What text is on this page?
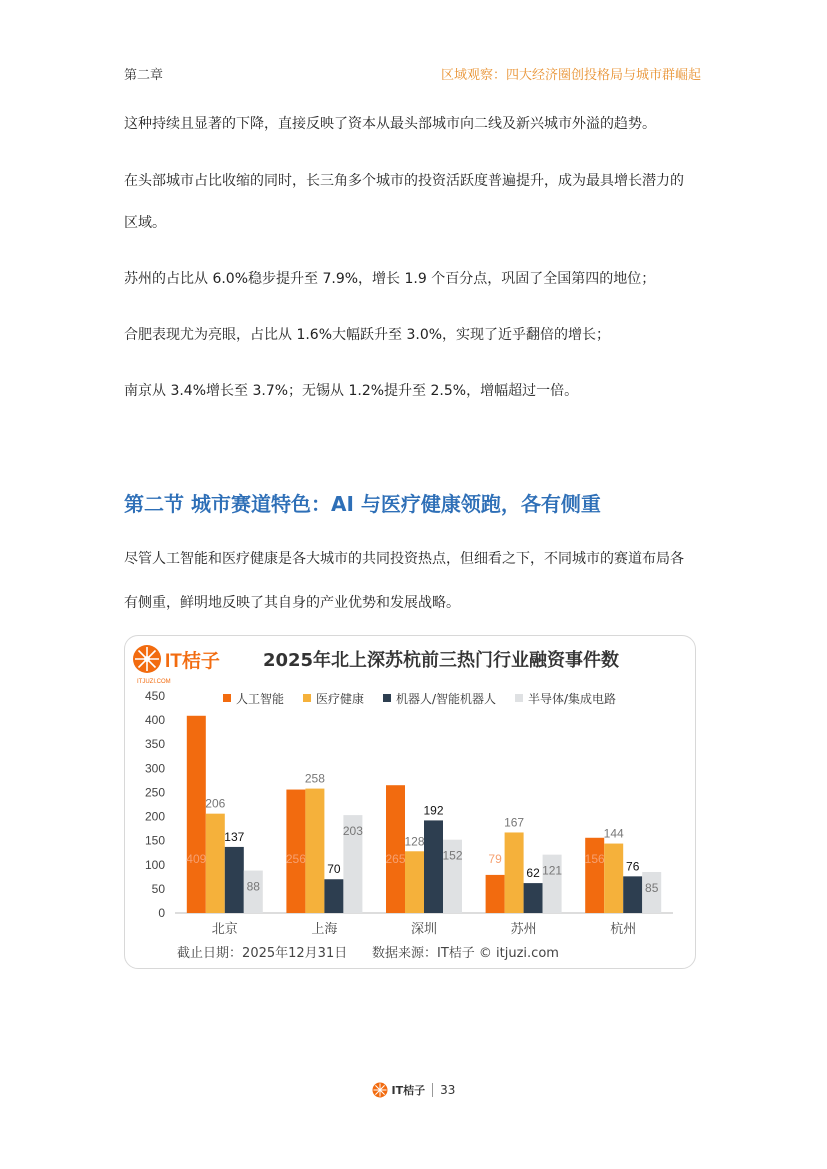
第二章	区域观察：四大经济圈创投格局与城市群崛起
这种持续且显著的下降，直接反映了资本从最头部城市向二线及新兴城市外溢的趋势。
在头部城市占比收缩的同时，长三角多个城市的投资活跃度普遍提升，成为最具增长潜力的
区域。
苏州的占比从 6.0%稳步提升至 7.9%，增长 1.9 个百分点，巩固了全国第四的地位；
合肥表现尤为亮眼，占比从 1.6%大幅跃升至 3.0%，实现了近乎翻倍的增长；
南京从 3.4%增长至 3.7%；无锡从 1.2%提升至 2.5%，增幅超过一倍。
第二节 城市赛道特色：AI 与医疗健康领跑，各有侧重
尽管人工智能和医疗健康是各大城市的共同投资热点，但细看之下，不同城市的赛道布局各
有侧重，鲜明地反映了其自身的产业优势和发展战略。
IT桔子
ITJUZI.COM
2025年北上深苏杭前三热门行业融资事件数
人工智能	医疗健康	机器人/智能机器人	半导体/集成电路
0
50
100
150
200
250
300
350
400
450
北京	上海	深圳	苏州	杭州
409
206
137
88
256
258
70
203
265
128
192
152 79
167
62 121
156
144
76
85
截止日期：2025年12月31日      数据来源：IT桔子 © itjuzi.com
IT桔子 33
